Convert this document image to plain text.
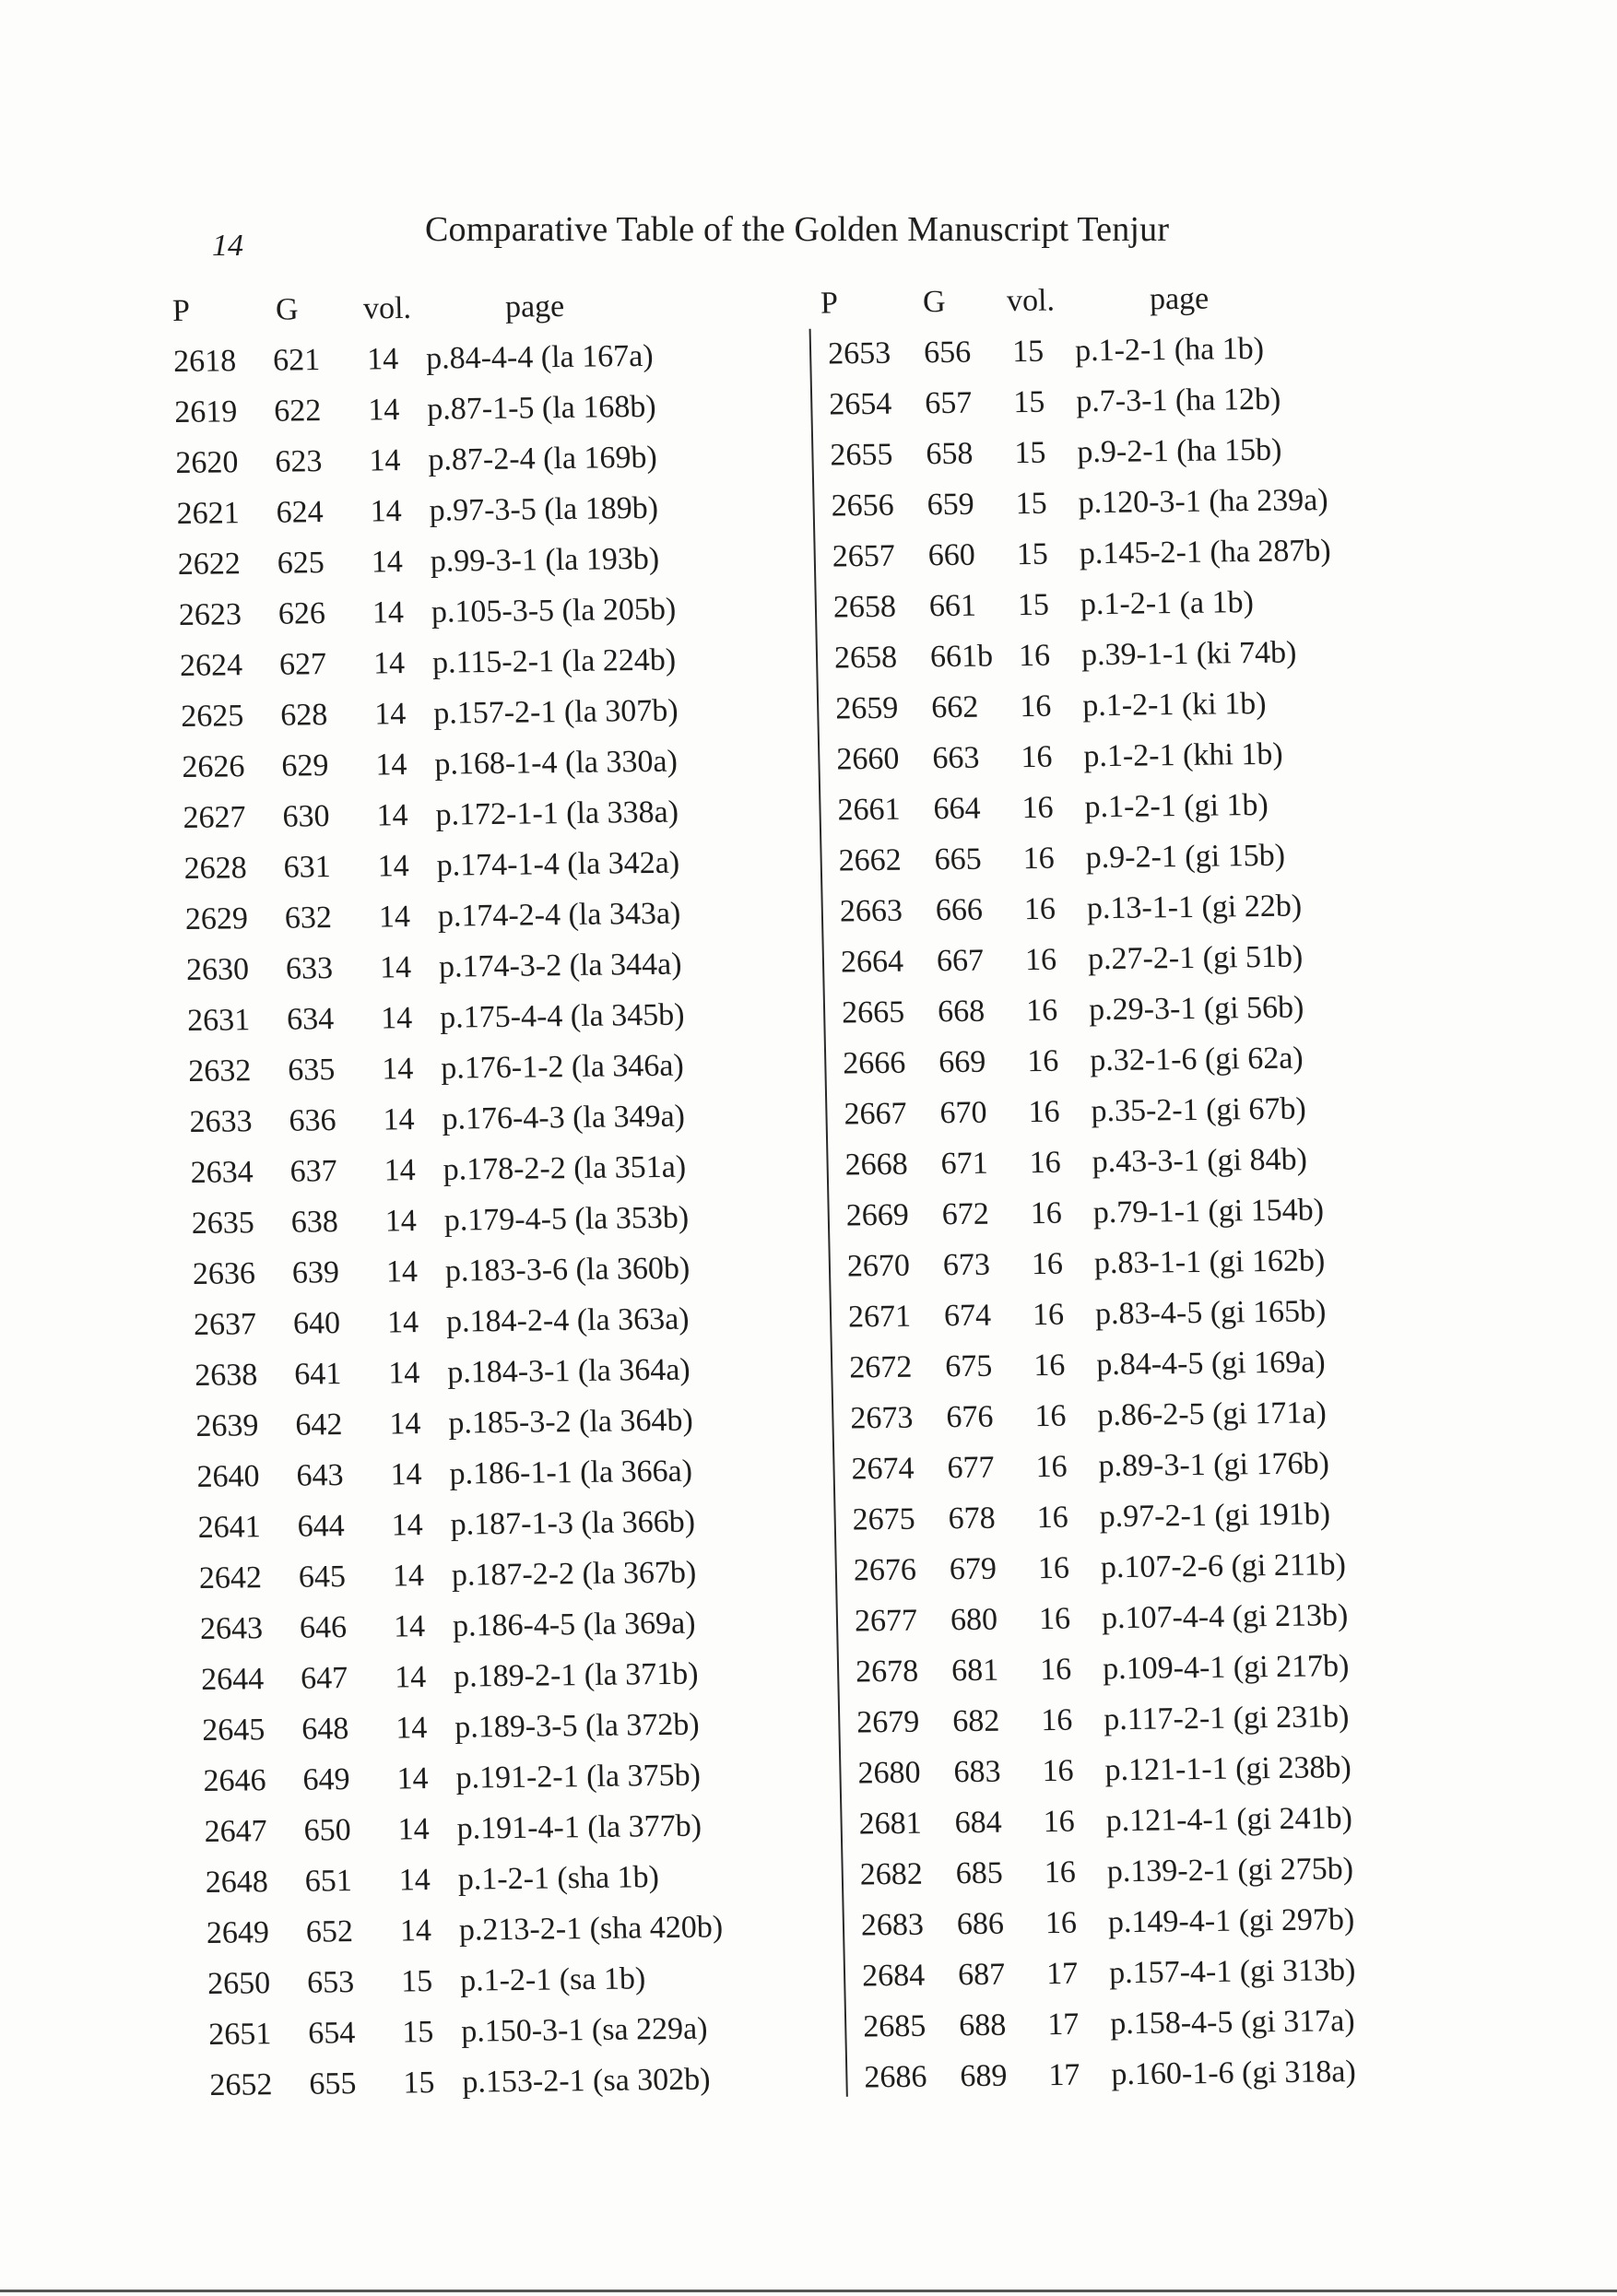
14	Comparative Table of the Golden Manuscript Tenjur
P	G vol.	page
2618 621 14 p.84-4-4 (la 167a)
2619 622 14 p.87-1-5 (la 168b)
2620 623 14 p.87-2-4 (la 169b)
2621 624 14 p.97-3-5 (la 189b)
2622 625 14 p.99-3-1 (la 193b)
2623 626 14 p.105-3-5 (la 205b)
2624 627 14 p.115-2-1 (la 224b)
2625 628 14 p.157-2-1 (la 307b)
2626 629 14 p.168-1-4 (la 330a)
2627 630 14 p.172-1-1 (la 338a)
2628 631 14 p.174-1-4 (la 342a)
2629 632 14 p.174-2-4 (la 343a)
2630 633 14 p.174-3-2 (la 344a)
2631 634 14 p.175-4-4 (la 345b)
2632 635 14 p.176-1-2 (la 346a)
2633 636 14 p.176-4-3 (la 349a)
2634 637 14 p.178-2-2 (la 351a)
2635 638 14 p.179-4-5 (la 353b)
2636 639 14 p.183-3-6 (la 360b)
2637 640 14 p.184-2-4 (la 363a)
2638 641 14 p.184-3-1 (la 364a)
2639 642 14 p.185-3-2 (la 364b)
2640 643 14 p.186-1-1 (la 366a)
2641 644 14 p.187-1-3 (la 366b)
2642 645 14 p.187-2-2 (la 367b)
2643 646 14 p.186-4-5 (la 369a)
2644 647 14 p.189-2-1 (la 371b)
2645 648 14 p.189-3-5 (la 372b)
2646 649 14 p.191-2-1 (la 375b)
2647 650 14 p.191-4-1 (la 377b)
2648 651 14 p.1-2-1 (sha 1b)
2649 652 14 p.213-2-1 (sha 420b)
2650 653 15 p.1-2-1 (sa 1b)
2651 654 15 p.150-3-1 (sa 229a)
2652 655 15 p.153-2-1 (sa 302b)
P	G vol.	page
2653 656 15 p.1-2-1 (ha 1b)
2654 657 15 p.7-3-1 (ha 12b)
2655 658 15 p.9-2-1 (ha 15b)
2656 659 15 p.120-3-1 (ha 239a)
2657 660 15 p.145-2-1 (ha 287b)
2658 661 15 p.1-2-1 (a 1b)
2658 661b 16 p.39-1-1 (ki 74b)
2659 662 16 p.1-2-1 (ki 1b)
2660 663 16 p.1-2-1 (khi 1b)
2661 664 16 p.1-2-1 (gi 1b)
2662 665 16 p.9-2-1 (gi 15b)
2663 666 16 p.13-1-1 (gi 22b)
2664 667 16 p.27-2-1 (gi 51b)
2665 668 16 p.29-3-1 (gi 56b)
2666 669 16 p.32-1-6 (gi 62a)
2667 670 16 p.35-2-1 (gi 67b)
2668 671 16 p.43-3-1 (gi 84b)
2669 672 16 p.79-1-1 (gi 154b)
2670 673 16 p.83-1-1 (gi 162b)
2671 674 16 p.83-4-5 (gi 165b)
2672 675 16 p.84-4-5 (gi 169a)
2673 676 16 p.86-2-5 (gi 171a)
2674 677 16 p.89-3-1 (gi 176b)
2675 678 16 p.97-2-1 (gi 191b)
2676 679 16 p.107-2-6 (gi 211b)
2677 680 16 p.107-4-4 (gi 213b)
2678 681 16 p.109-4-1 (gi 217b)
2679 682 16 p.117-2-1 (gi 231b)
2680 683 16 p.121-1-1 (gi 238b)
2681 684 16 p.121-4-1 (gi 241b)
2682 685 16 p.139-2-1 (gi 275b)
2683 686 16 p.149-4-1 (gi 297b)
2684 687 17 p.157-4-1 (gi 313b)
2685 688 17 p.158-4-5 (gi 317a)
2686 689 17 p.160-1-6 (gi 318a)
